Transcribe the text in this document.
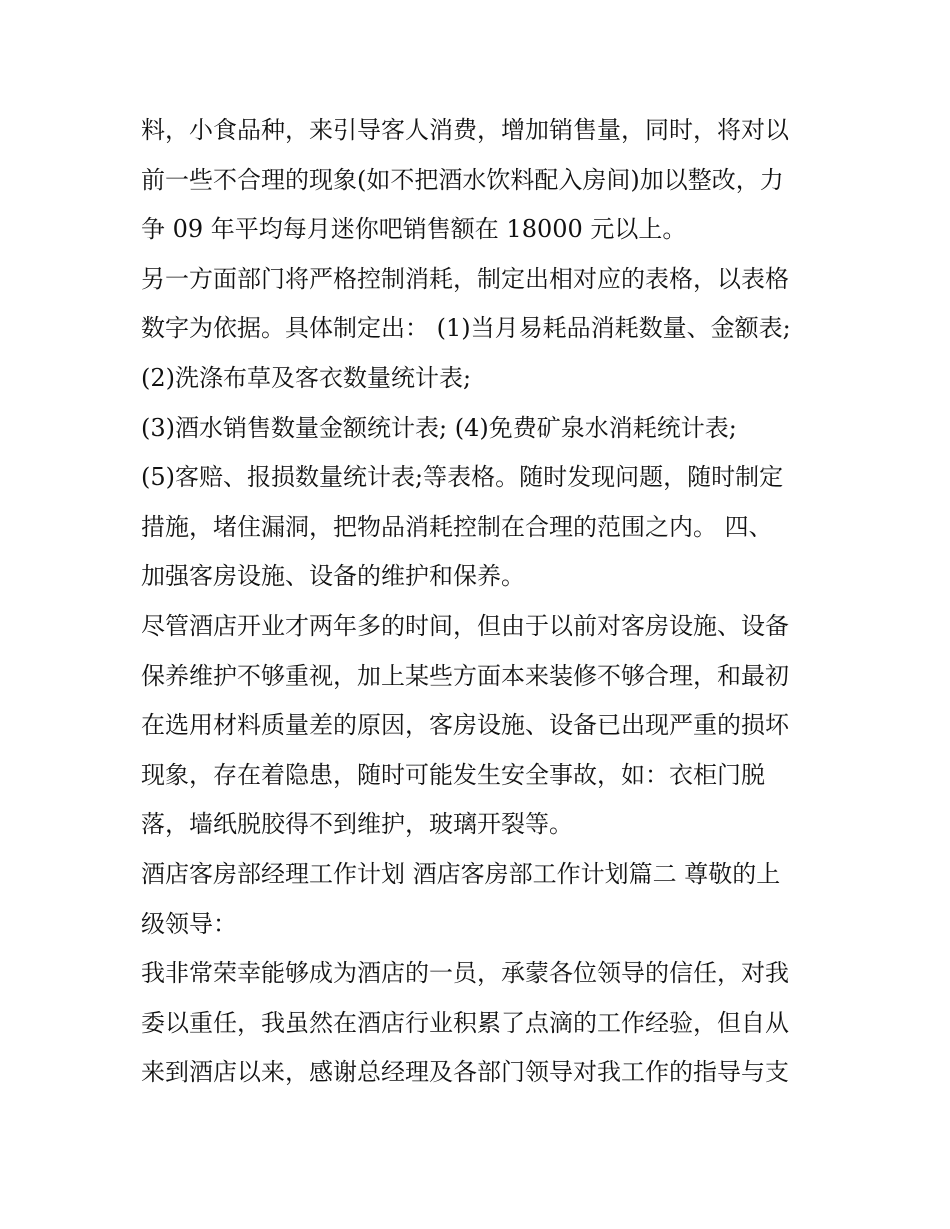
料，小食品种，来引导客人消费，增加销售量，同时，将对以
前一些不合理的现象(如不把酒水饮料配入房间)加以整改，力
争 09 年平均每月迷你吧销售额在 18000 元以上。
另一方面部门将严格控制消耗，制定出相对应的表格，以表格
数字为依据。具体制定出： (1)当月易耗品消耗数量、金额表;
(2)洗涤布草及客衣数量统计表;
(3)酒水销售数量金额统计表; (4)免费矿泉水消耗统计表;
(5)客赔、报损数量统计表;等表格。随时发现问题，随时制定
措施，堵住漏洞，把物品消耗控制在合理的范围之内。 四、
加强客房设施、设备的维护和保养。
尽管酒店开业才两年多的时间，但由于以前对客房设施、设备
保养维护不够重视，加上某些方面本来装修不够合理，和最初
在选用材料质量差的原因，客房设施、设备已出现严重的损坏
现象，存在着隐患，随时可能发生安全事故，如：衣柜门脱
落，墙纸脱胶得不到维护，玻璃开裂等。
酒店客房部经理工作计划 酒店客房部工作计划篇二 尊敬的上
级领导：
我非常荣幸能够成为酒店的一员，承蒙各位领导的信任，对我
委以重任，我虽然在酒店行业积累了点滴的工作经验，但自从
来到酒店以来，感谢总经理及各部门领导对我工作的指导与支
